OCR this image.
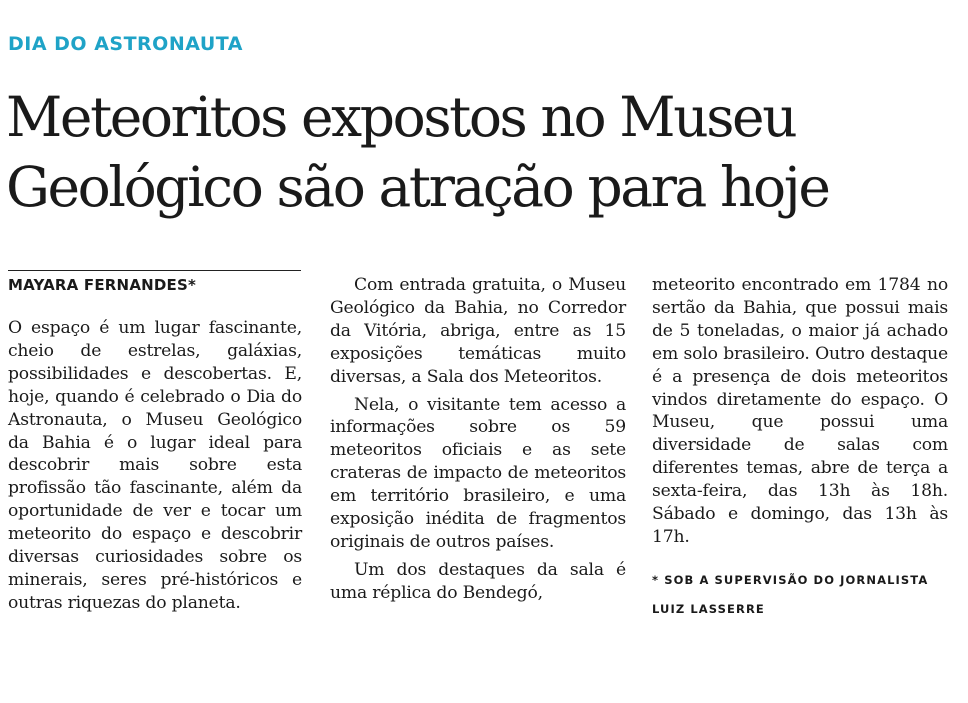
DIA DO ASTRONAUTA
Meteoritos expostos no Museu Geológico são atração para hoje

MAYARA FERNANDES*

O espaço é um lugar fascinante, cheio de estrelas, galáxias, possibilidades e descobertas. E, hoje, quando é celebrado o Dia do Astronauta, o Museu Geológico da Bahia é o lugar ideal para descobrir mais sobre esta profissão tão fascinante, além da oportunidade de ver e tocar um meteorito do espaço e descobrir diversas curiosidades sobre os minerais, seres pré-históricos e outras riquezas do planeta.

Com entrada gratuita, o Museu Geológico da Bahia, no Corredor da Vitória, abriga, entre as 15 exposições temáticas muito diversas, a Sala dos Meteoritos.

Nela, o visitante tem acesso a informações sobre os 59 meteoritos oficiais e as sete crateras de impacto de meteoritos em território brasileiro, e uma exposição inédita de fragmentos originais de outros países.

Um dos destaques da sala é uma réplica do Bendegó,

meteorito encontrado em 1784 no sertão da Bahia, que possui mais de 5 toneladas, o maior já achado em solo brasileiro. Outro destaque é a presença de dois meteoritos vindos diretamente do espaço. O Museu, que possui uma diversidade de salas com diferentes temas, abre de terça a sexta-feira, das 13h às 18h. Sábado e domingo, das 13h às 17h.

* SOB A SUPERVISÃO DO JORNALISTA LUIZ LASSERRE
